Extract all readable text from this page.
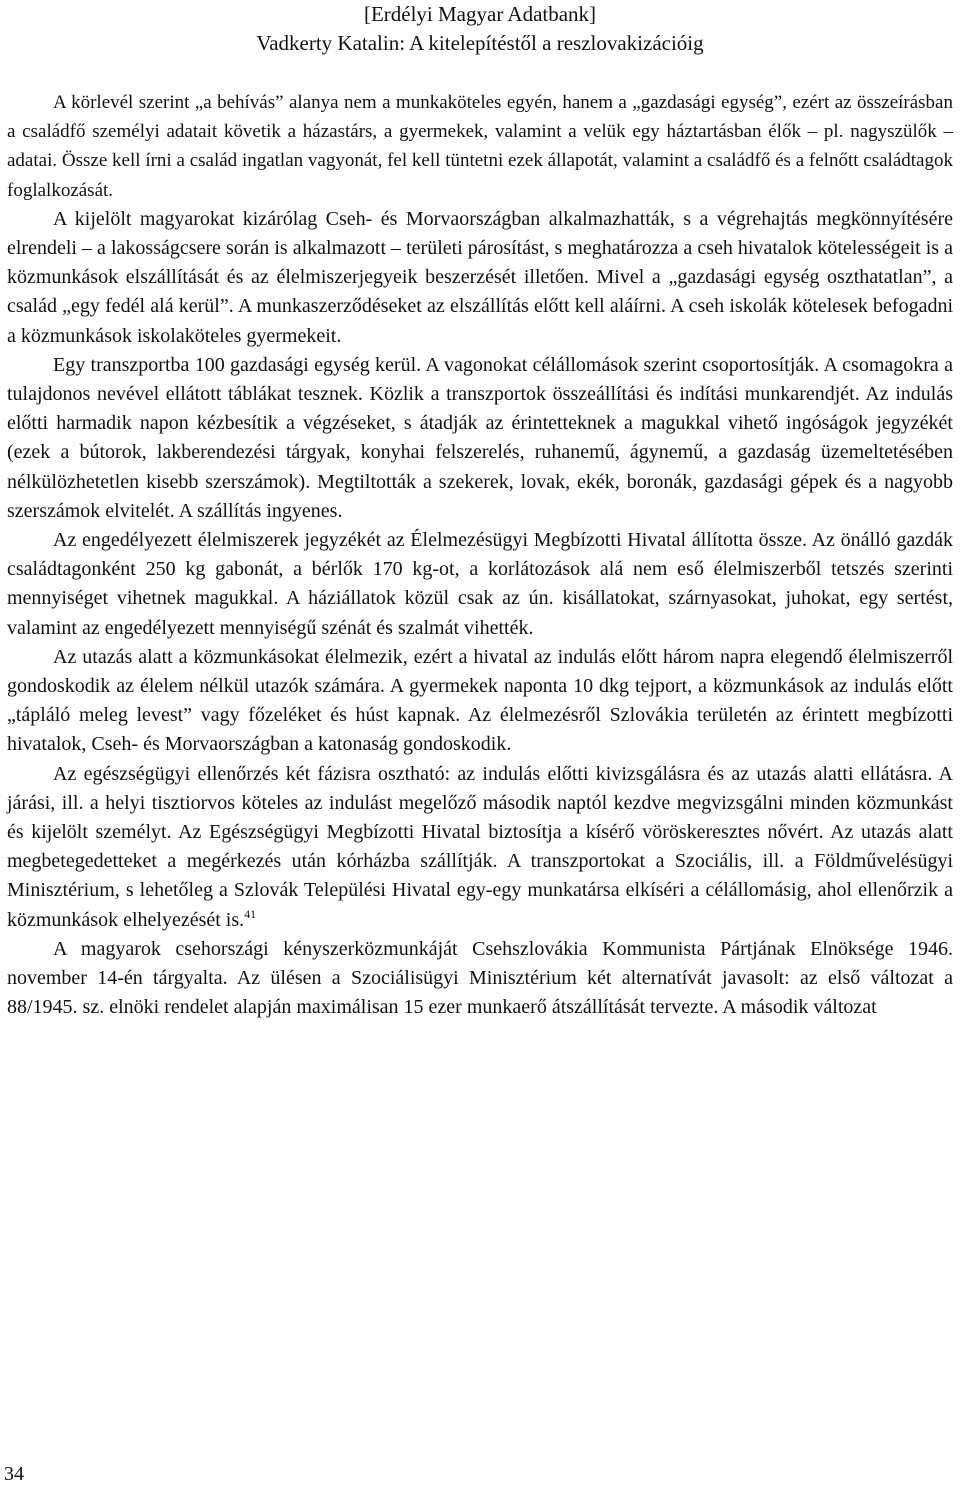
[Erdélyi Magyar Adatbank]
Vadkerty Katalin: A kitelepítéstől a reszlovakizációig

A körlevél szerint „a behívás” alanya nem a munkaköteles egyén, hanem a „gazdasági egység”, ezért az összeírásban a családfő személyi adatait követik a házastárs, a gyermekek, valamint a velük egy háztartásban élők – pl. nagyszülők – adatai. Össze kell írni a család ingatlan vagyonát, fel kell tüntetni ezek állapotát, valamint a családfő és a felnőtt családtagok foglalkozását.

A kijelölt magyarokat kizárólag Cseh- és Morvaországban alkalmazhatták, s a végrehajtás megkönnyítésére elrendeli – a lakosságcsere során is alkalmazott – területi párosítást, s meghatározza a cseh hivatalok kötelességeit is a közmunkások elszállítását és az élelmiszerjegyeik beszerzését illetően. Mivel a „gazdasági egység oszthatatlan”, a család „egy fedél alá kerül”. A munkaszerződéseket az elszállítás előtt kell aláírni. A cseh iskolák kötelesek befogadni a közmunkások iskolaköteles gyermekeit.

Egy transzportba 100 gazdasági egység kerül. A vagonokat célállomások szerint csoportosítják. A csomagokra a tulajdonos nevével ellátott táblákat tesznek. Közlik a transzportok összeállítási és indítási munkarendjét. Az indulás előtti harmadik napon kézbesítik a végzéseket, s átadják az érintetteknek a magukkal vihető ingóságok jegyzékét (ezek a bútorok, lakberendezési tárgyak, konyhai felszerelés, ruhanemű, ágynemű, a gazdaság üzemeltetésében nélkülözhetetlen kisebb szerszámok). Megtiltották a szekerek, lovak, ekék, boronák, gazdasági gépek és a nagyobb szerszámok elvitelét. A szállítás ingyenes.

Az engedélyezett élelmiszerek jegyzékét az Élelmezésügyi Megbízotti Hivatal állította össze. Az önálló gazdák családtagonként 250 kg gabonát, a bérlők 170 kg-ot, a korlátozások alá nem eső élelmiszerből tetszés szerinti mennyiséget vihetnek magukkal. A háziállatok közül csak az ún. kisállatokat, szárnyasokat, juhokat, egy sertést, valamint az engedélyezett mennyiségű szénát és szalmát vihették.

Az utazás alatt a közmunkásokat élelmezik, ezért a hivatal az indulás előtt három napra elegendő élelmiszerről gondoskodik az élelem nélkül utazók számára. A gyermekek naponta 10 dkg tejport, a közmunkások az indulás előtt „tápláló meleg levest” vagy főzeléket és húst kapnak. Az élelmezésről Szlovákia területén az érintett megbízotti hivatalok, Cseh- és Morvaországban a katonaság gondoskodik.

Az egészségügyi ellenőrzés két fázisra osztható: az indulás előtti kivizsgálásra és az utazás alatti ellátásra. A járási, ill. a helyi tisztiorvos köteles az indulást megelőző második naptól kezdve megvizsgálni minden közmunkást és kijelölt személyt. Az Egészségügyi Megbízotti Hivatal biztosítja a kísérő vöröskeresztes nővért. Az utazás alatt megbetegedetteket a megérkezés után kórházba szállítják. A transzportokat a Szociális, ill. a Földművelésügyi Minisztérium, s lehetőleg a Szlovák Települési Hivatal egy-egy munkatársa elkíséri a célállomásig, ahol ellenőrzik a közmunkások elhelyezését is.$^{41}$

A magyarok csehországi kényszerközmunkáját Csehszlovákia Kommunista Pártjának Elnöksége 1946. november 14-én tárgyalta. Az ülésen a Szociálisügyi Minisztérium két alternatívát javasolt: az első változat a 88/1945. sz. elnöki rendelet alapján maximálisan 15 ezer munkaerő átszállítását tervezte. A második változat

34
